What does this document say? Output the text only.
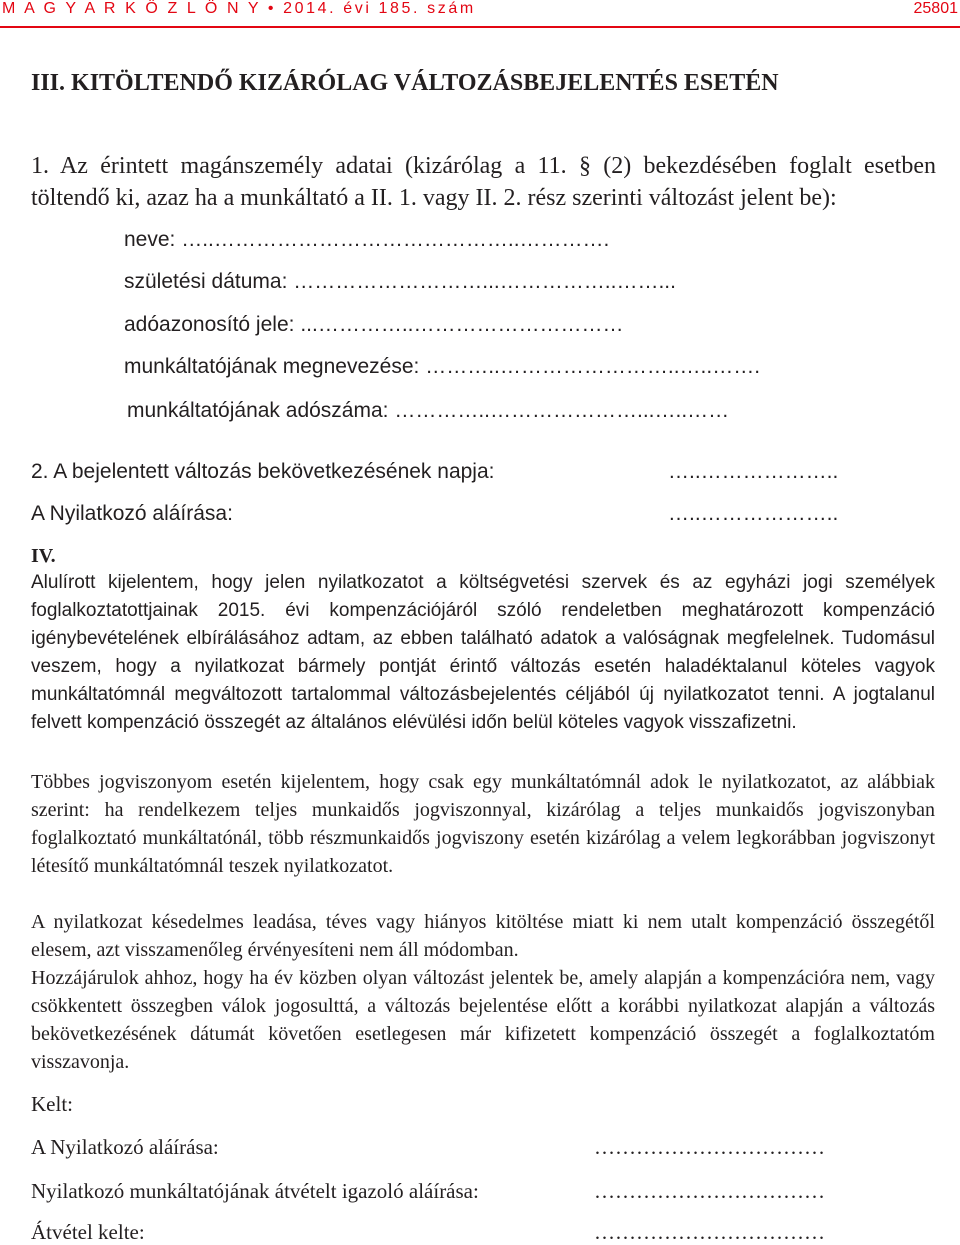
M A G Y A R K Ö Z L Ö N Y • 2014. évi 185. szám	25801
III. KITÖLTENDŐ KIZÁRÓLAG VÁLTOZÁSBEJELENTÉS ESETÉN
1. Az érintett magánszemély adatai (kizárólag a 11. § (2) bekezdésében foglalt esetben
töltendő ki, azaz ha a munkáltató a II. 1. vagy II. 2. rész szerinti változást jelent be):
neve: …..……………………………………..………….
születési dátuma: ………………………...……………..……...
adóazonosító jele: ...…………..…………………………
munkáltatójának megnevezése: ………..……………………..…..…….
munkáltatójának adószáma: …………..…………………...…..……
2. A bejelentett változás bekövetkezésének napja:	…..………………..
A Nyilatkozó aláírása:	…..………………..
IV.
Alulírott kijelentem, hogy jelen nyilatkozatot a költségvetési szervek és az egyházi jogi személyek foglalkoztatottjainak 2015. évi kompenzációjáról szóló rendeletben meghatározott kompenzáció igénybevételének elbírálásához adtam, az ebben található adatok a valóságnak megfelelnek. Tudomásul veszem, hogy a nyilatkozat bármely pontját érintő változás esetén haladéktalanul köteles vagyok munkáltatómnál megváltozott tartalommal változásbejelentés céljából új nyilatkozatot tenni. A jogtalanul felvett kompenzáció összegét az általános elévülési időn belül köteles vagyok visszafizetni.
Többes jogviszonyom esetén kijelentem, hogy csak egy munkáltatómnál adok le nyilatkozatot, az alábbiak szerint: ha rendelkezem teljes munkaidős jogviszonnyal, kizárólag a teljes munkaidős jogviszonyban foglalkoztató munkáltatónál, több részmunkaidős jogviszony esetén kizárólag a velem legkorábban jogviszonyt létesítő munkáltatómnál teszek nyilatkozatot.
A nyilatkozat késedelmes leadása, téves vagy hiányos kitöltése miatt ki nem utalt kompenzáció összegétől elesem, azt visszamenőleg érvényesíteni nem áll módomban.
Hozzájárulok ahhoz, hogy ha év közben olyan változást jelentek be, amely alapján a kompenzációra nem, vagy csökkentett összegben válok jogosulttá, a változás bejelentése előtt a korábbi nyilatkozat alapján a változás bekövetkezésének dátumát követően esetlegesen már kifizetett kompenzáció összegét a foglalkoztatóm visszavonja.
Kelt:
A Nyilatkozó aláírása:	……………………………
Nyilatkozó munkáltatójának átvételt igazoló aláírása:	……………………………
Átvétel kelte:	……………………………
